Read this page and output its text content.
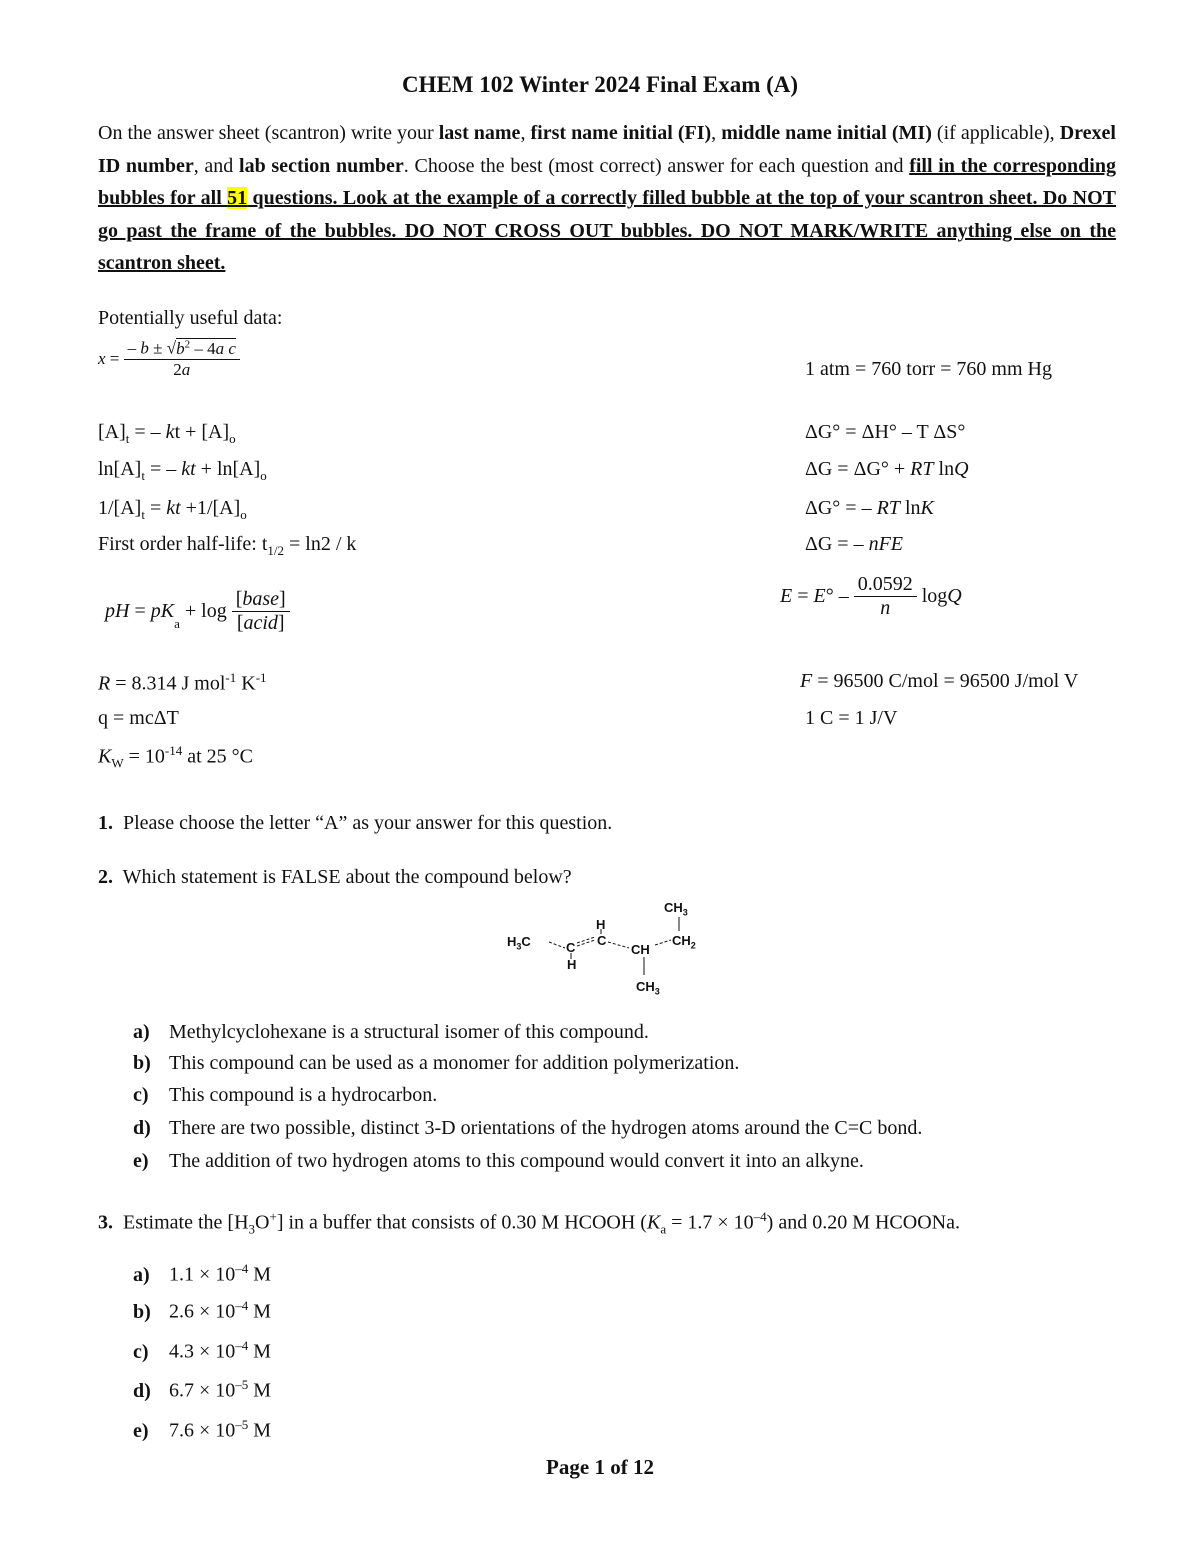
CHEM 102 Winter 2024 Final Exam (A)
On the answer sheet (scantron) write your last name, first name initial (FI), middle name initial (MI) (if applicable), Drexel ID number, and lab section number. Choose the best (most correct) answer for each question and fill in the corresponding bubbles for all 51 questions. Look at the example of a correctly filled bubble at the top of your scantron sheet. Do NOT go past the frame of the bubbles. DO NOT CROSS OUT bubbles. DO NOT MARK/WRITE anything else on the scantron sheet.
Potentially useful data:
$x = \frac{- b \pm √b^2 - 4a c}{2a}$	1 atm = 760 torr = 760 mm Hg
$[A]_t$ = – kt + $[A]_o$
$\ln[A]_t$ = – kt + $\ln[A]_o$
$1/[A]_t$ = kt $+1/[A]_o$
First order half-life: $t_{1/2} = \ln 2 / k$
ΔG° = ΔH° – T ΔS°
ΔG = ΔG° + RT lnQ
ΔG° = – RT lnK
ΔG = – nFE
$E = E^\circ - \frac{0.0592}{n}$ logQ
pH = $pK_a + \log \frac{\text{[base]}}{\text{[acid]}}$
R = 8.314 J mol$^{-1}$ $K^{-1}$
q = mcΔT
$K_W = 10^{-14}$ at 25 °C
F = 96500 C/mol = 96500 J/mol V
1 C = 1 J/V
1. Please choose the letter “A” as your answer for this question.
2. Which statement is FALSE about the compound below?
$CH_3$
$H_3C$	C
H
H
C
CH
$CH_2$
$CH_3$
a) Methylcyclohexane is a structural isomer of this compound.
b) This compound can be used as a monomer for addition polymerization.
c) This compound is a hydrocarbon.
d) There are two possible, distinct 3-D orientations of the hydrogen atoms around the C=C bond.
e) The addition of two hydrogen atoms to this compound would convert it into an alkyne.
3.  Estimate the $[H_3O^+]$ in a buffer that consists of 0.30 M HCOOH $(K_a = 1.7 \times 10^{-4})$ and 0.20 M HCOONa.
a) $1.1 \times 10^{-4}$ M
b) $2.6 \times 10^{-4}$ M
c) $4.3 \times 10^{-4}$ M
d) $6.7 \times 10^{-5}$ M
e) $7.6 \times 10^{-5}$ M
Page 1 of 12
